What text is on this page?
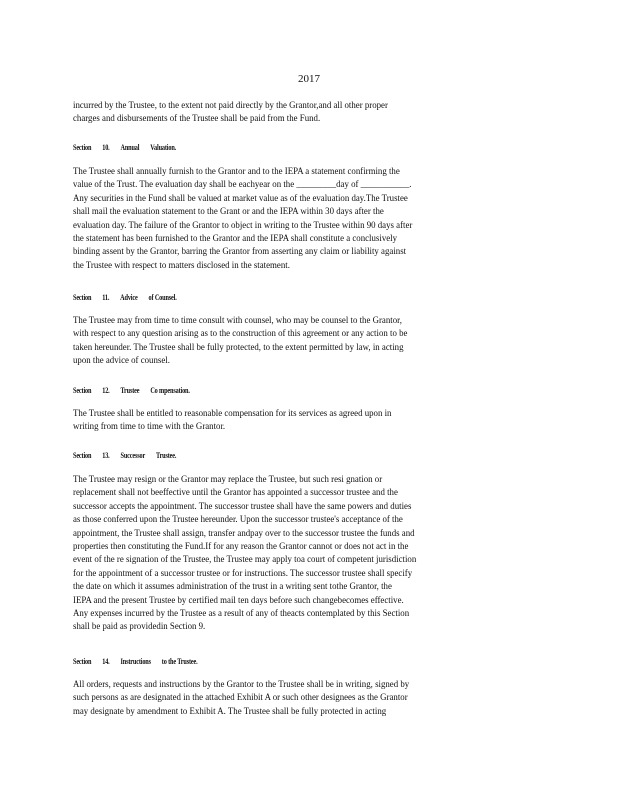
2017
incurred by the Trustee, to the extent not paid directly by the Grantor,and all other proper
charges and disbursements of the Trustee shall be paid from the Fund.
Section 10. Annual Valuation.
The Trustee shall annually furnish to the Grantor and to the IEPA a statement confirming the
value of the Trust. The evaluation day shall be eachyear on the _________day of ___________.
Any securities in the Fund shall be valued at market value as of the evaluation day.The Trustee
shall mail the evaluation statement to the Grant or and the IEPA within 30 days after the
evaluation day. The failure of the Grantor to object in writing to the Trustee within 90 days after
the statement has been furnished to the Grantor and the IEPA shall constitute a conclusively
binding assent by the Grantor, barring the Grantor from asserting any claim or liability against
the Trustee with respect to matters disclosed in the statement.
Section 11. Advice of Counsel.
The Trustee may from time to time consult with counsel, who may be counsel to the Grantor,
with respect to any question arising as to the construction of this agreement or any action to be
taken hereunder. The Trustee shall be fully protected, to the extent permitted by law, in acting
upon the advice of counsel.
Section 12. Trustee Co mpensation.
The Trustee shall be entitled to reasonable compensation for its services as agreed upon in
writing from time to time with the Grantor.
Section 13. Successor Trustee.
The Trustee may resign or the Grantor may replace the Trustee, but such resi gnation or
replacement shall not beeffective until the Grantor has appointed a successor trustee and the
successor accepts the appointment. The successor trustee shall have the same powers and duties
as those conferred upon the Trustee hereunder. Upon the successor trustee's acceptance of the
appointment, the Trustee shall assign, transfer andpay over to the successor trustee the funds and
properties then constituting the Fund.If for any reason the Grantor cannot or does not act in the
event of the re signation of the Trustee, the Trustee may apply toa court of competent jurisdiction
for the appointment of a successor trustee or for instructions. The successor trustee shall specify
the date on which it assumes administration of the trust in a writing sent tothe Grantor, the
IEPA and the present Trustee by certified mail ten days before such changebecomes effective.
Any expenses incurred by the Trustee as a result of any of theacts contemplated by this Section
shall be paid as providedin Section 9.
Section 14. Instructions to the Trustee.
All orders, requests and instructions by the Grantor to the Trustee shall be in writing, signed by
such persons as are designated in the attached Exhibit A or such other designees as the Grantor
may designate by amendment to Exhibit A. The Trustee shall be fully protected in acting
